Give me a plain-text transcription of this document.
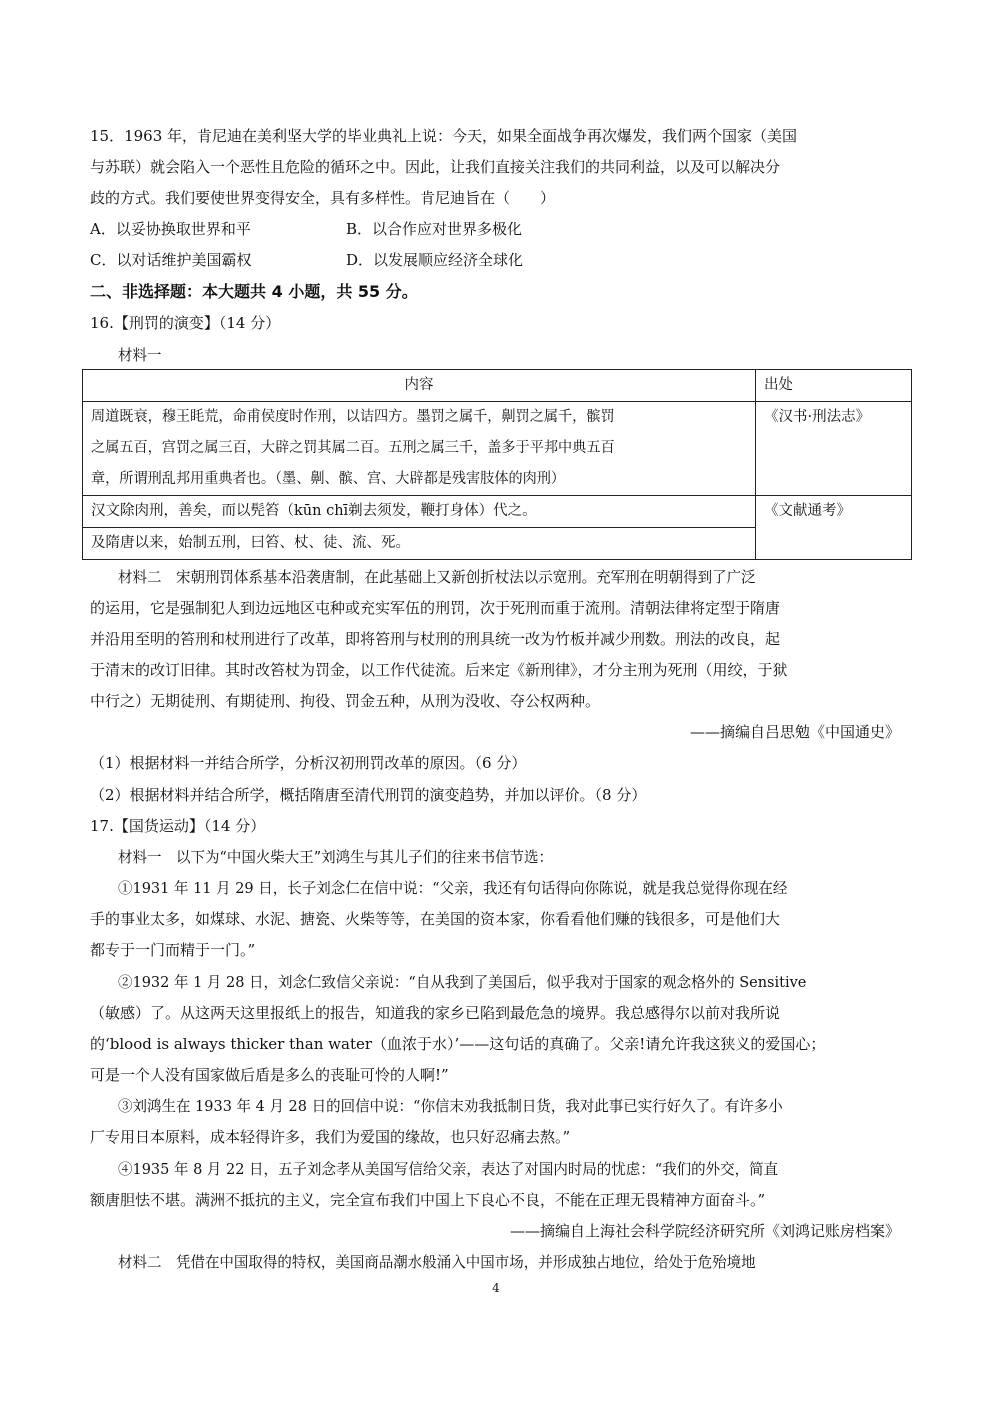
15．1963 年，肯尼迪在美利坚大学的毕业典礼上说：今天，如果全面战争再次爆发，我们两个国家（美国
与苏联）就会陷入一个恶性且危险的循环之中。因此，让我们直接关注我们的共同利益，以及可以解决分
歧的方式。我们要使世界变得安全，具有多样性。肯尼迪旨在（　　）
A．以妥协换取世界和平	B．以合作应对世界多极化
C．以对话维护美国霸权	D．以发展顺应经济全球化
二、非选择题：本大题共 4 小题，共 55 分。
16.【刑罚的演变】（14 分）
材料一
内容	出处

周道既衰，穆王眊荒，命甫侯度时作刑，以诘四方。墨罚之属千，劓罚之属千，髌罚
之属五百，宫罚之属三百，大辟之罚其属二百。五刑之属三千，盖多于平邦中典五百
章，所谓刑乱邦用重典者也。（墨、劓、髌、宫、大辟都是残害肢体的肉刑）	《汉书·刑法志》
汉文除肉刑，善矣，而以髡笞（kūn chī剃去须发，鞭打身体）代之。	《文献通考》
及隋唐以来，始制五刑，曰笞、杖、徒、流、死。	
材料二　宋朝刑罚体系基本沿袭唐制，在此基础上又新创折杖法以示宽刑。充军刑在明朝得到了广泛
的运用，它是强制犯人到边远地区屯种或充实军伍的刑罚，次于死刑而重于流刑。清朝法律将定型于隋唐
并沿用至明的笞刑和杖刑进行了改革，即将笞刑与杖刑的刑具统一改为竹板并减少刑数。刑法的改良，起
于清末的改订旧律。其时改笞杖为罚金，以工作代徒流。后来定《新刑律》，才分主刑为死刑（用绞，于狱
中行之）无期徒刑、有期徒刑、拘役、罚金五种，从刑为没收、夺公权两种。
——摘编自吕思勉《中国通史》
（1）根据材料一并结合所学，分析汉初刑罚改革的原因。（6 分）
（2）根据材料并结合所学，概括隋唐至清代刑罚的演变趋势，并加以评价。（8 分）
17.【国货运动】（14 分）
材料一　以下为“中国火柴大王”刘鸿生与其儿子们的往来书信节选：
①1931 年 11 月 29 日，长子刘念仁在信中说：“父亲，我还有句话得向你陈说，就是我总觉得你现在经
手的事业太多，如煤球、水泥、搪瓷、火柴等等，在美国的资本家，你看看他们赚的钱很多，可是他们大
都专于一门而精于一门。”
②1932 年 1 月 28 日，刘念仁致信父亲说：“自从我到了美国后，似乎我对于国家的观念格外的 Sensitive
（敏感）了。从这两天这里报纸上的报告，知道我的家乡已陷到最危急的境界。我总感得尔以前对我所说
的‘blood is always thicker than water（血浓于水）’——这句话的真确了。父亲!请允许我这狭义的爱国心；
可是一个人没有国家做后盾是多么的丧耻可怜的人啊!”
③刘鸿生在 1933 年 4 月 28 日的回信中说：“你信末劝我抵制日货，我对此事已实行好久了。有许多小
厂专用日本原料，成本轻得许多，我们为爱国的缘故，也只好忍痛去熬。”
④1935 年 8 月 22 日，五子刘念孝从美国写信给父亲，表达了对国内时局的忧虑：“我们的外交，简直
额唐胆怯不堪。满洲不抵抗的主义，完全宣布我们中国上下良心不良，不能在正理无畏精神方面奋斗。”
——摘编自上海社会科学院经济研究所《刘鸿记账房档案》
材料二　凭借在中国取得的特权，美国商品潮水般涌入中国市场，并形成独占地位，给处于危殆境地
4
